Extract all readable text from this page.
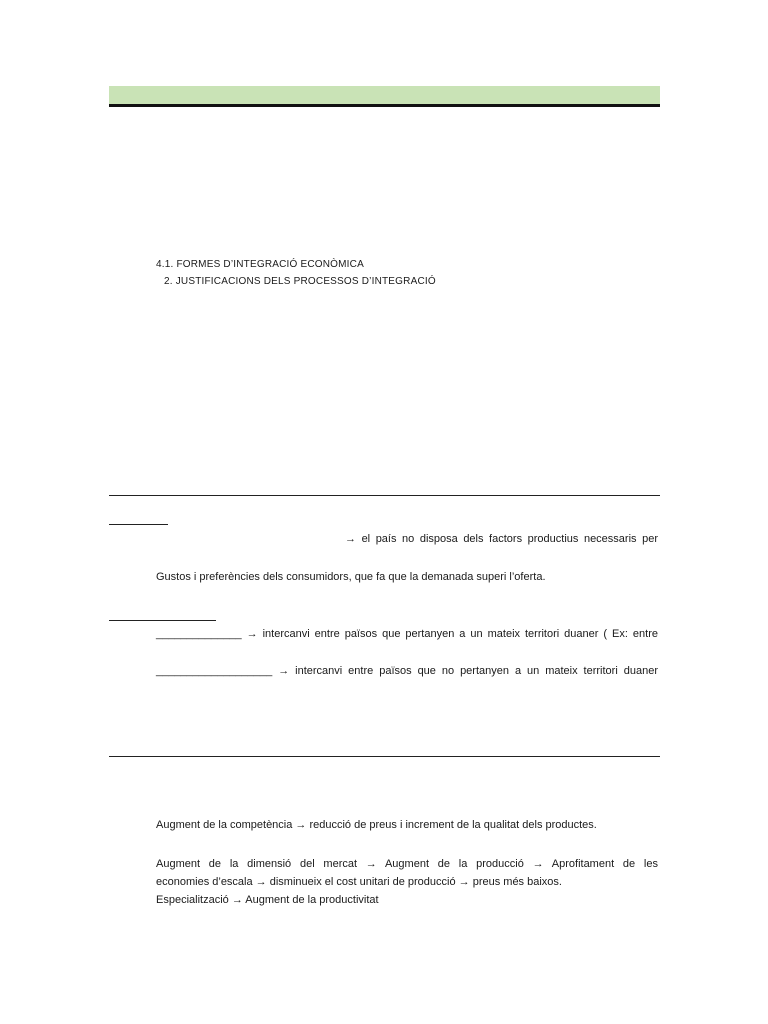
4.1. FORMES D’INTEGRACIÓ ECONÒMICA
2. JUSTIFICACIONS DELS PROCESSOS D’INTEGRACIÓ
→ el país no disposa dels factors productius necessaris per
Gustos i preferències dels consumidors, que fa que la demanada superi l’oferta.
______________ → intercanvi entre països que pertanyen a un mateix territori duaner ( Ex: entre
___________________ → intercanvi entre països que no pertanyen a un mateix territori duaner
Augment de la competència → reducció de preus i increment de la qualitat dels productes.
Augment de la dimensió del mercat → Augment de la producció → Aprofitament de les
economies d’escala → disminueix el cost unitari de producció → preus més baixos.
Especialització → Augment de la productivitat
